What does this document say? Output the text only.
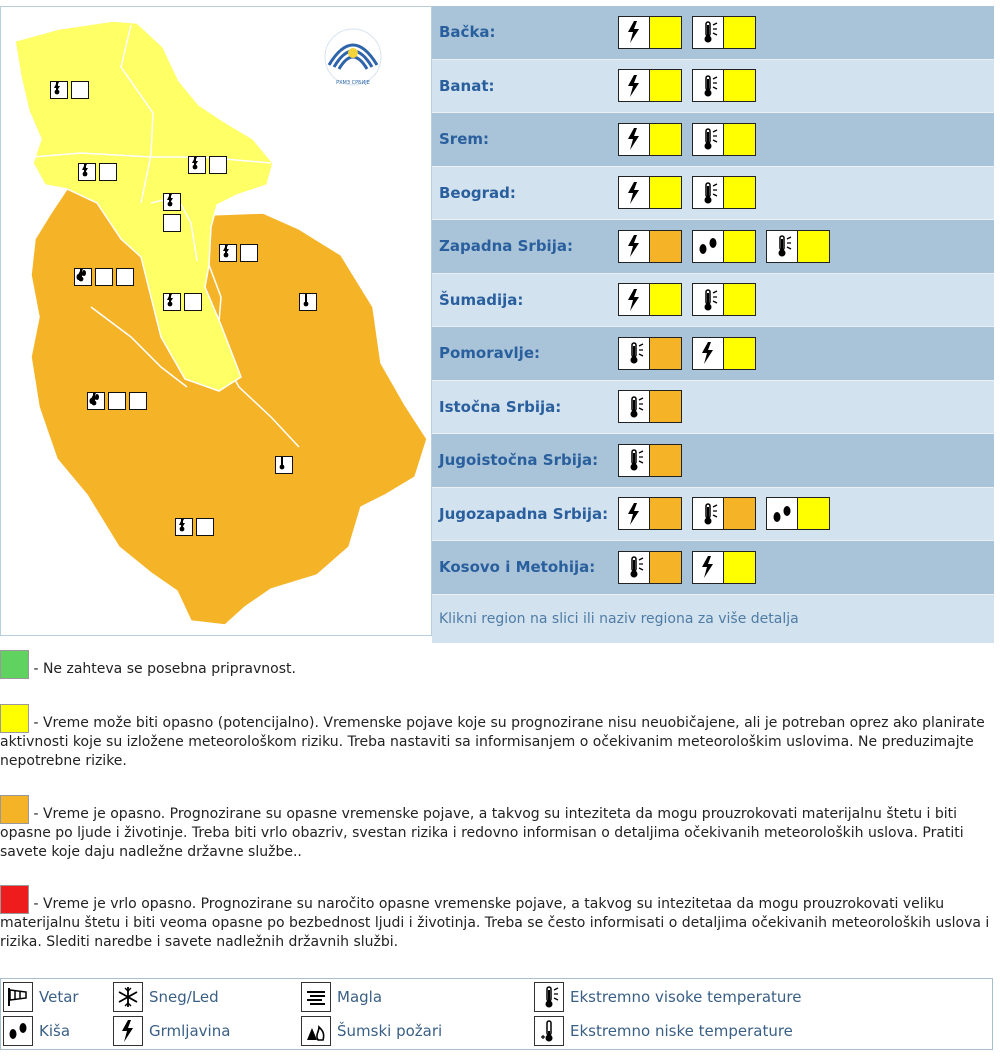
РХМЗ СРБИЈЕ
Bačka:
Banat:
Srem:
Beograd:
Zapadna Srbija:
Šumadija:
Pomoravlje:
Istočna Srbija:
Jugoistočna Srbija:
Jugozapadna Srbija:
Kosovo i Metohija:
Klikni region na slici ili naziv regiona za više detalja
- Ne zahteva se posebna pripravnost.
- Vreme može biti opasno (potencijalno). Vremenske pojave koje su prognozirane nisu neuobičajene, ali je potreban oprez ako planirate aktivnosti koje su izložene meteorološkom riziku. Treba nastaviti sa informisanjem o očekivanim meteorološkim uslovima. Ne preduzimajte nepotrebne rizike.
- Vreme je opasno. Prognozirane su opasne vremenske pojave, a takvog su inteziteta da mogu prouzrokovati materijalnu štetu i biti opasne po ljude i životinje. Treba biti vrlo obazriv, svestan rizika i redovno informisan o detaljima očekivanih meteoroloških uslova. Pratiti savete koje daju nadležne državne službe..
- Vreme je vrlo opasno. Prognozirane su naročito opasne vremenske pojave, a takvog su intezitetaa da mogu prouzrokovati veliku materijalnu štetu i biti veoma opasne po bezbednost ljudi i životinja. Treba se često informisati o detaljima očekivanih meteoroloških uslova i rizika. Slediti naredbe i savete nadležnih državnih službi.
Vetar	Sneg/Led	Magla	Ekstremno visoke temperature
Kiša	Grmljavina	Šumski požari	Ekstremno niske temperature
